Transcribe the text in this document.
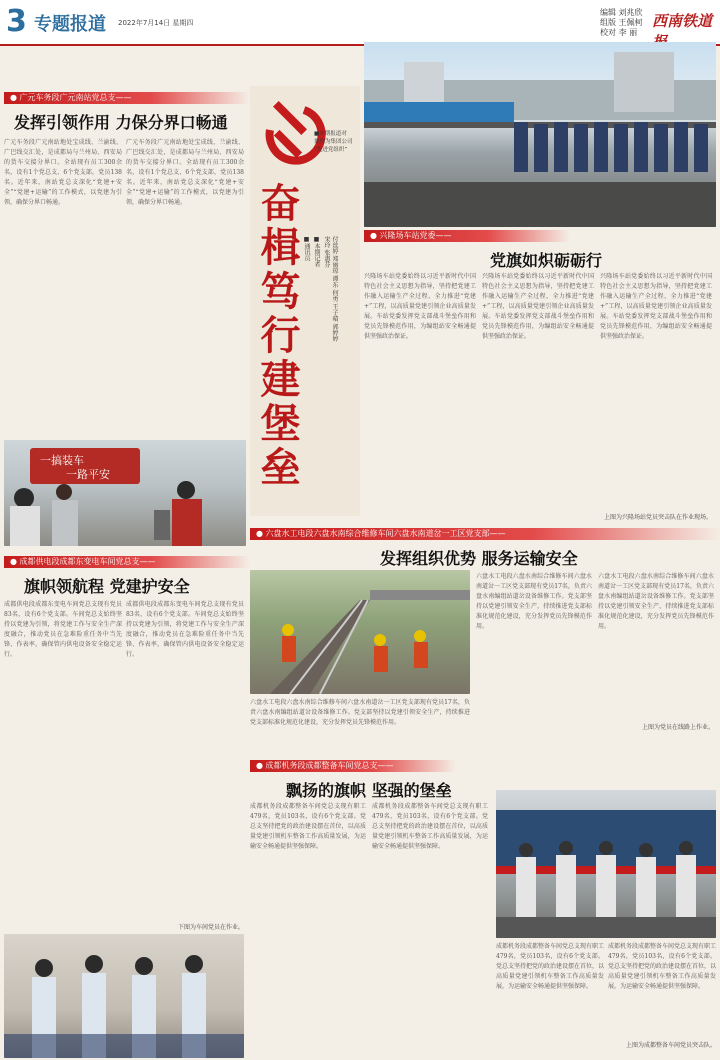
3 专题报道 2022年7月14日 星期四
编辑 刘兆欣
组版 王佩柯
校对 李 丽
西南铁道
● 广元车务段广元南站党总支——
发挥引领作用 力保分界口畅通
广元车务段广元南站地处宝成线、兰渝线、广巴线交汇处，是成都局与兰州局、西安局的货车交接分界口。全站现有员工300余名，设有1个党总支、6个党支部，党员138名。近年来，南站党总支深化“党建+安全”“党建+运输”的工作模式，以党建为引领，确保分界口畅通。
广元车务段广元南站地处宝成线、兰渝线、广巴线交汇处，是成都局与兰州局、西安局的货车交接分界口。全站现有员工300余名，设有1个党总支、6个党支部，党员138名。近年来，南站党总支深化“党建+安全”“党建+运输”的工作模式，以党建为引领，确保分界口畅通。
一搞装车
一路平安
■本期报道对
象均为集团公司
“先进党组织”
奋楫笃行建堡垒 ■本期记者	付丝婷 郑丽琼 谭东 何勇 王子晴 郭婷婷 宋玲 张惠芬
■通讯员
● 兴隆场车站党委——
党旗如炽砺砺行
兴隆场车站党委始终以习近平新时代中国特色社会主义思想为指导，坚持把党建工作融入运输生产全过程，全力推进“党建+”工程，以高质量党建引领企业高质量发展。车站党委发挥党支部战斗堡垒作用和党员先锋模范作用，为编组站安全畅通提供坚强政治保证。
兴隆场车站党委始终以习近平新时代中国特色社会主义思想为指导，坚持把党建工作融入运输生产全过程，全力推进“党建+”工程，以高质量党建引领企业高质量发展。车站党委发挥党支部战斗堡垒作用和党员先锋模范作用，为编组站安全畅通提供坚强政治保证。
兴隆场车站党委始终以习近平新时代中国特色社会主义思想为指导，坚持把党建工作融入运输生产全过程，全力推进“党建+”工程，以高质量党建引领企业高质量发展。车站党委发挥党支部战斗堡垒作用和党员先锋模范作用，为编组站安全畅通提供坚强政治保证。
上图为兴隆场站党员突击队在作业现场。
● 六盘水工电段六盘水南综合维修车间六盘水南道岔一工区党支部——
发挥组织优势 服务运输安全
六盘水工电段六盘水南综合维修车间六盘水南道岔一工区党支部现有党员17名，负责六盘水南编组站道岔设备维修工作。党支部坚持以党建引领安全生产，持续推进党支部标准化规范化建设，充分发挥党员先锋模范作用。
六盘水工电段六盘水南综合维修车间六盘水南道岔一工区党支部现有党员17名，负责六盘水南编组站道岔设备维修工作。党支部坚持以党建引领安全生产，持续推进党支部标准化规范化建设，充分发挥党员先锋模范作用。
六盘水工电段六盘水南综合维修车间六盘水南道岔一工区党支部现有党员17名，负责六盘水南编组站道岔设备维修工作。党支部坚持以党建引领安全生产，持续推进党支部标准化规范化建设，充分发挥党员先锋模范作用。
上图为党员在线路上作业。
● 成都供电段成都东变电车间党总支——
旗帜领航程 党建护安全
成都供电段成都东变电车间党总支现有党员83名，设有6个党支部。车间党总支始终坚持以党建为引领，将党建工作与安全生产深度融合，推动党员在急难险重任务中当先锋、作表率，确保管内供电设备安全稳定运行。
成都供电段成都东变电车间党总支现有党员83名，设有6个党支部。车间党总支始终坚持以党建为引领，将党建工作与安全生产深度融合，推动党员在急难险重任务中当先锋、作表率，确保管内供电设备安全稳定运行。
下图为车间党员在作业。
● 成都机务段成都整备车间党总支——
飘扬的旗帜 坚强的堡垒
成都机务段成都整备车间党总支现有职工479名，党员103名，设有6个党支部。党总支坚持把党的政治建设摆在首位，以高质量党建引领机车整备工作高质量发展，为运输安全畅通提供坚强保障。
成都机务段成都整备车间党总支现有职工479名，党员103名，设有6个党支部。党总支坚持把党的政治建设摆在首位，以高质量党建引领机车整备工作高质量发展，为运输安全畅通提供坚强保障。
成都机务段成都整备车间党总支现有职工479名，党员103名，设有6个党支部。党总支坚持把党的政治建设摆在首位，以高质量党建引领机车整备工作高质量发展，为运输安全畅通提供坚强保障。
成都机务段成都整备车间党总支现有职工479名，党员103名，设有6个党支部。党总支坚持把党的政治建设摆在首位，以高质量党建引领机车整备工作高质量发展，为运输安全畅通提供坚强保障。
上图为成都整备车间党员突击队。
